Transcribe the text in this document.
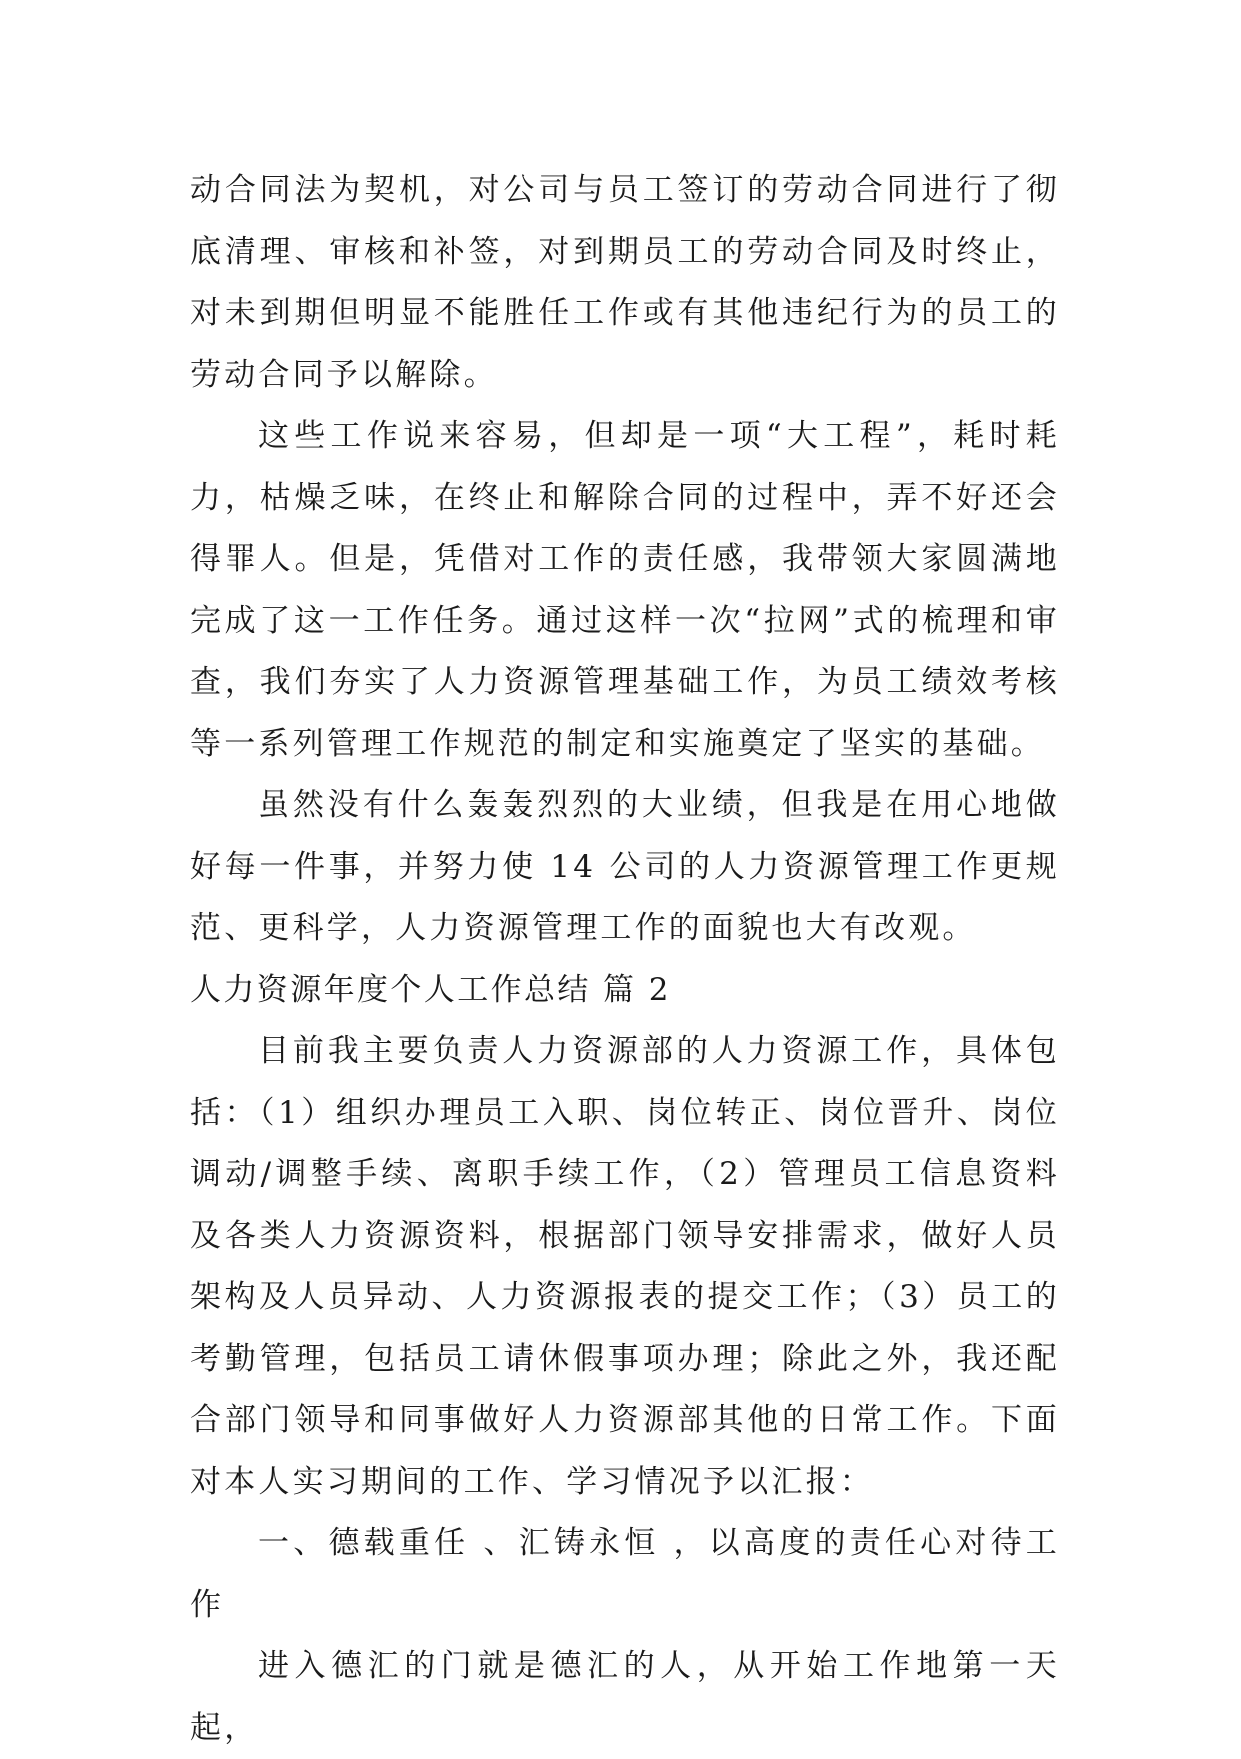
动合同法为契机，对公司与员工签订的劳动合同进行了彻底清理、审核和补签，对到期员工的劳动合同及时终止，对未到期但明显不能胜任工作或有其他违纪行为的员工的劳动合同予以解除。

这些工作说来容易，但却是一项“大工程”，耗时耗力，枯燥乏味，在终止和解除合同的过程中，弄不好还会得罪人。但是，凭借对工作的责任感，我带领大家圆满地完成了这一工作任务。通过这样一次“拉网”式的梳理和审查，我们夯实了人力资源管理基础工作，为员工绩效考核等一系列管理工作规范的制定和实施奠定了坚实的基础。

虽然没有什么轰轰烈烈的大业绩，但我是在用心地做好每一件事，并努力使 14 公司的人力资源管理工作更规范、更科学，人力资源管理工作的面貌也大有改观。

人力资源年度个人工作总结 篇 2

目前我主要负责人力资源部的人力资源工作，具体包括：（1）组织办理员工入职、岗位转正、岗位晋升、岗位调动/调整手续、离职手续工作，（2）管理员工信息资料及各类人力资源资料，根据部门领导安排需求，做好人员架构及人员异动、人力资源报表的提交工作；（3）员工的考勤管理，包括员工请休假事项办理；除此之外，我还配合部门领导和同事做好人力资源部其他的日常工作。下面对本人实习期间的工作、学习情况予以汇报：

一、德载重任 、汇铸永恒 ，以高度的责任心对待工作

进入德汇的门就是德汇的人，从开始工作地第一天起，
